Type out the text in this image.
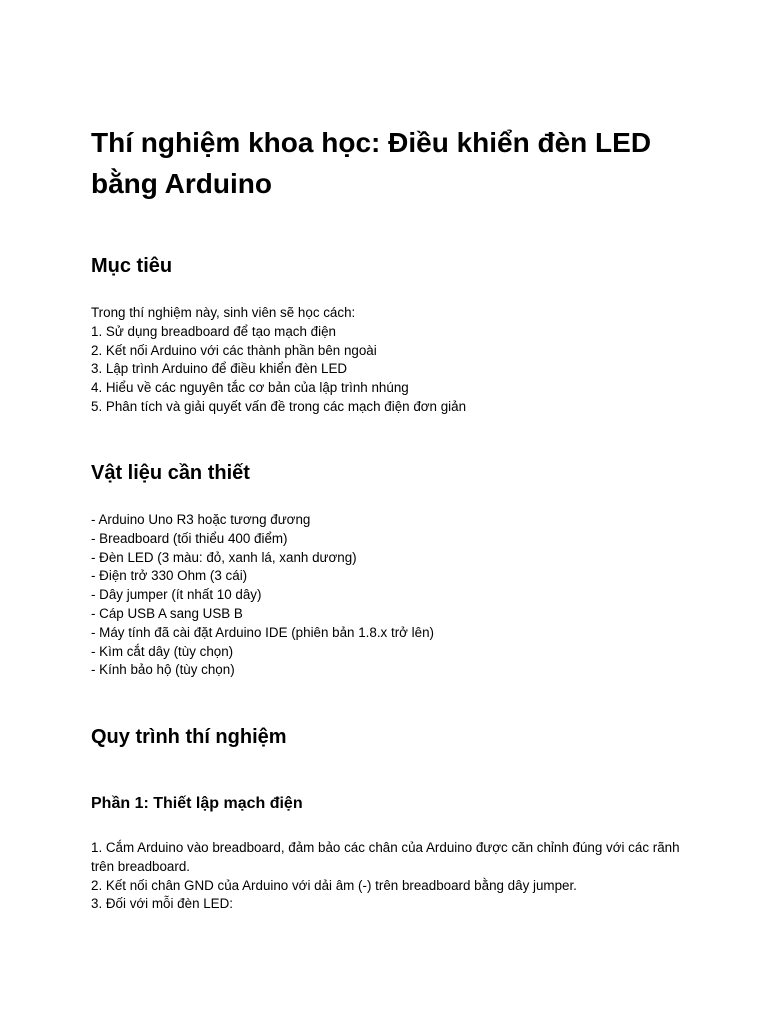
Thí nghiệm khoa học: Điều khiển đèn LED bằng Arduino
Mục tiêu
Trong thí nghiệm này, sinh viên sẽ học cách:
1. Sử dụng breadboard để tạo mạch điện
2. Kết nối Arduino với các thành phần bên ngoài
3. Lập trình Arduino để điều khiển đèn LED
4. Hiểu về các nguyên tắc cơ bản của lập trình nhúng
5. Phân tích và giải quyết vấn đề trong các mạch điện đơn giản
Vật liệu cần thiết
- Arduino Uno R3 hoặc tương đương
- Breadboard (tối thiểu 400 điểm)
- Đèn LED (3 màu: đỏ, xanh lá, xanh dương)
- Điện trở 330 Ohm (3 cái)
- Dây jumper (ít nhất 10 dây)
- Cáp USB A sang USB B
- Máy tính đã cài đặt Arduino IDE (phiên bản 1.8.x trở lên)
- Kìm cắt dây (tùy chọn)
- Kính bảo hộ (tùy chọn)
Quy trình thí nghiệm
Phần 1: Thiết lập mạch điện
1. Cắm Arduino vào breadboard, đảm bảo các chân của Arduino được căn chỉnh đúng với các rãnh trên breadboard.
2. Kết nối chân GND của Arduino với dải âm (-) trên breadboard bằng dây jumper.
3. Đối với mỗi đèn LED:
